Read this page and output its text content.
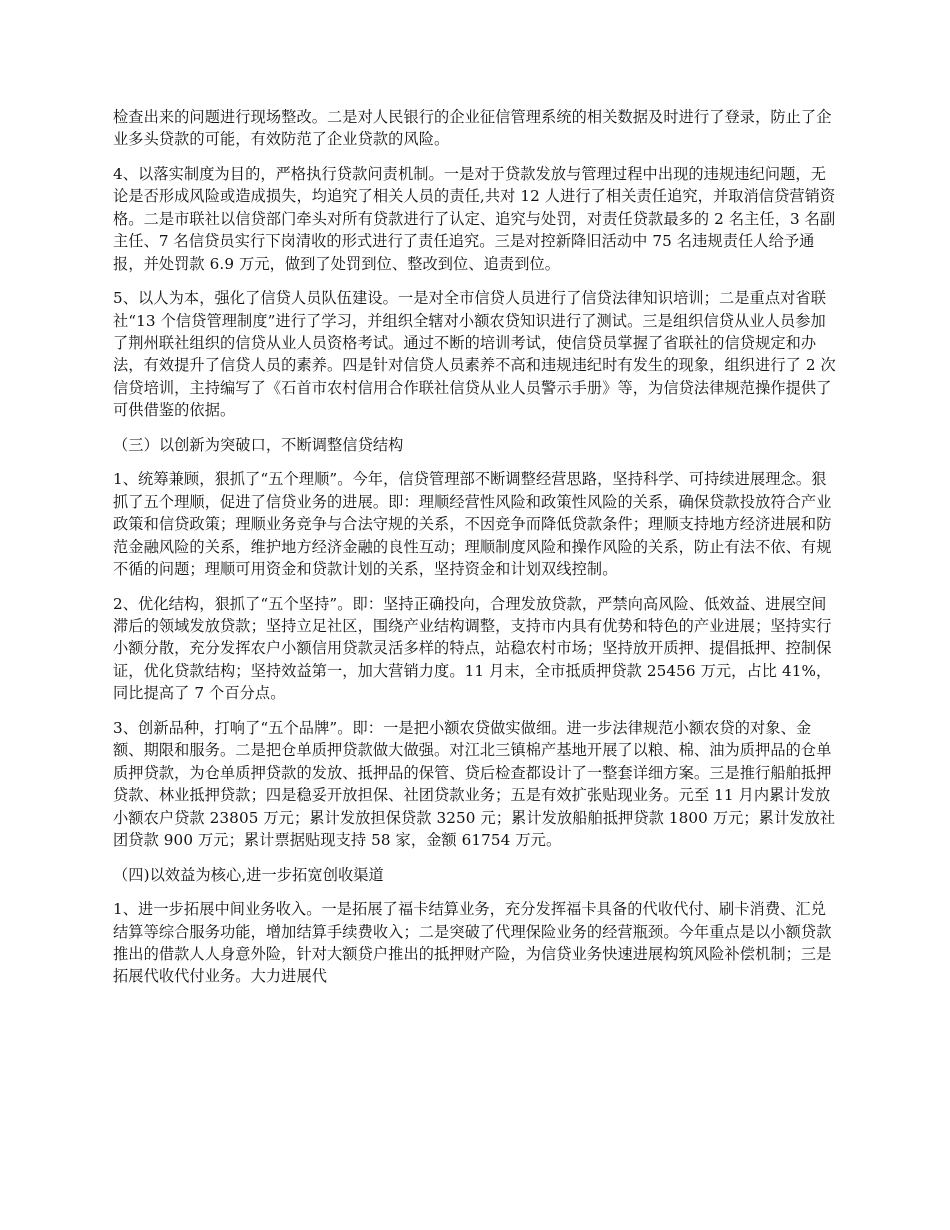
检查出来的问题进行现场整改。二是对人民银行的企业征信管理系统的相关数据及时进行了登录，防止了企业多头贷款的可能，有效防范了企业贷款的风险。

4、以落实制度为目的，严格执行贷款问责机制。一是对于贷款发放与管理过程中出现的违规违纪问题，无论是否形成风险或造成损失，均追究了相关人员的责任,共对 12 人进行了相关责任追究，并取消信贷营销资格。二是市联社以信贷部门牵头对所有贷款进行了认定、追究与处罚，对责任贷款最多的 2 名主任，3 名副主任、7 名信贷员实行下岗清收的形式进行了责任追究。三是对控新降旧活动中 75 名违规责任人给予通报，并处罚款 6.9 万元，做到了处罚到位、整改到位、追责到位。

5、以人为本，强化了信贷人员队伍建设。一是对全市信贷人员进行了信贷法律知识培训；二是重点对省联社“13 个信贷管理制度”进行了学习，并组织全辖对小额农贷知识进行了测试。三是组织信贷从业人员参加了荆州联社组织的信贷从业人员资格考试。通过不断的培训考试，使信贷员掌握了省联社的信贷规定和办法，有效提升了信贷人员的素养。四是针对信贷人员素养不高和违规违纪时有发生的现象，组织进行了 2 次信贷培训，主持编写了《石首市农村信用合作联社信贷从业人员警示手册》等，为信贷法律规范操作提供了可供借鉴的依据。

（三）以创新为突破口，不断调整信贷结构

1、统筹兼顾，狠抓了“五个理顺”。今年，信贷管理部不断调整经营思路，坚持科学、可持续进展理念。狠抓了五个理顺，促进了信贷业务的进展。即：理顺经营性风险和政策性风险的关系，确保贷款投放符合产业政策和信贷政策；理顺业务竞争与合法守规的关系，不因竞争而降低贷款条件；理顺支持地方经济进展和防范金融风险的关系，维护地方经济金融的良性互动；理顺制度风险和操作风险的关系，防止有法不依、有规不循的问题；理顺可用资金和贷款计划的关系，坚持资金和计划双线控制。

2、优化结构，狠抓了“五个坚持”。即：坚持正确投向，合理发放贷款，严禁向高风险、低效益、进展空间滞后的领域发放贷款；坚持立足社区，围绕产业结构调整，支持市内具有优势和特色的产业进展；坚持实行小额分散，充分发挥农户小额信用贷款灵活多样的特点，站稳农村市场；坚持放开质押、提倡抵押、控制保证，优化贷款结构；坚持效益第一，加大营销力度。11 月末，全市抵质押贷款 25456 万元，占比 41%，同比提高了 7 个百分点。

3、创新品种，打响了“五个品牌”。即：一是把小额农贷做实做细。进一步法律规范小额农贷的对象、金额、期限和服务。二是把仓单质押贷款做大做强。对江北三镇棉产基地开展了以粮、棉、油为质押品的仓单质押贷款，为仓单质押贷款的发放、抵押品的保管、贷后检查都设计了一整套详细方案。三是推行船舶抵押贷款、林业抵押贷款；四是稳妥开放担保、社团贷款业务；五是有效扩张贴现业务。元至 11 月内累计发放小额农户贷款 23805 万元；累计发放担保贷款 3250 元；累计发放船舶抵押贷款 1800 万元；累计发放社团贷款 900 万元；累计票据贴现支持 58 家，金额 61754 万元。

（四)以效益为核心,进一步拓宽创收渠道

1、进一步拓展中间业务收入。一是拓展了福卡结算业务，充分发挥福卡具备的代收代付、刷卡消费、汇兑结算等综合服务功能，增加结算手续费收入；二是突破了代理保险业务的经营瓶颈。今年重点是以小额贷款推出的借款人人身意外险，针对大额贷户推出的抵押财产险，为信贷业务快速进展构筑风险补偿机制；三是拓展代收代付业务。大力进展代
